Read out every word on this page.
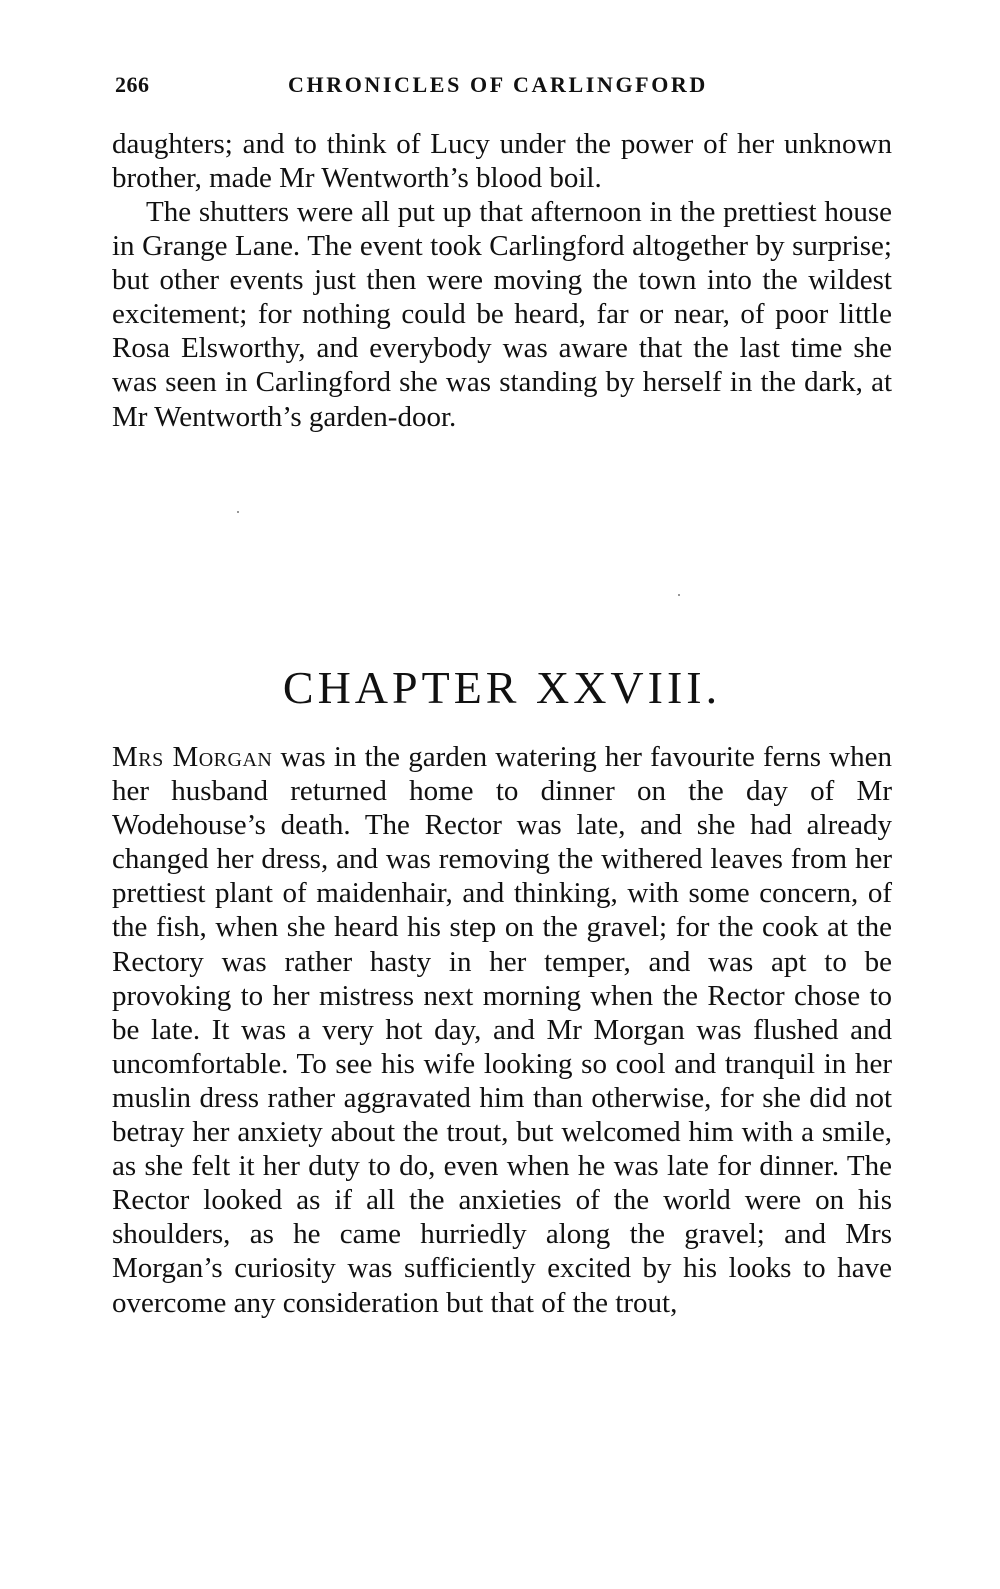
266	CHRONICLES OF CARLINGFORD

daughters; and to think of Lucy under the power of her unknown brother, made Mr Wentworth’s blood boil.

The shutters were all put up that afternoon in the prettiest house in Grange Lane. The event took Carlingford altogether by surprise; but other events just then were moving the town into the wildest excitement; for nothing could be heard, far or near, of poor little Rosa Elsworthy, and everybody was aware that the last time she was seen in Carlingford she was standing by herself in the dark, at Mr Wentworth’s garden-door.

CHAPTER XXVIII.

Mrs Morgan was in the garden watering her favourite ferns when her husband returned home to dinner on the day of Mr Wodehouse’s death. The Rector was late, and she had already changed her dress, and was removing the withered leaves from her prettiest plant of maidenhair, and thinking, with some concern, of the fish, when she heard his step on the gravel; for the cook at the Rectory was rather hasty in her temper, and was apt to be provoking to her mistress next morning when the Rector chose to be late. It was a very hot day, and Mr Morgan was flushed and uncomfortable. To see his wife looking so cool and tranquil in her muslin dress rather aggravated him than otherwise, for she did not betray her anxiety about the trout, but welcomed him with a smile, as she felt it her duty to do, even when he was late for dinner. The Rector looked as if all the anxieties of the world were on his shoulders, as he came hurriedly along the gravel; and Mrs Morgan’s curiosity was sufficiently excited by his looks to have overcome any consideration but that of the trout,
